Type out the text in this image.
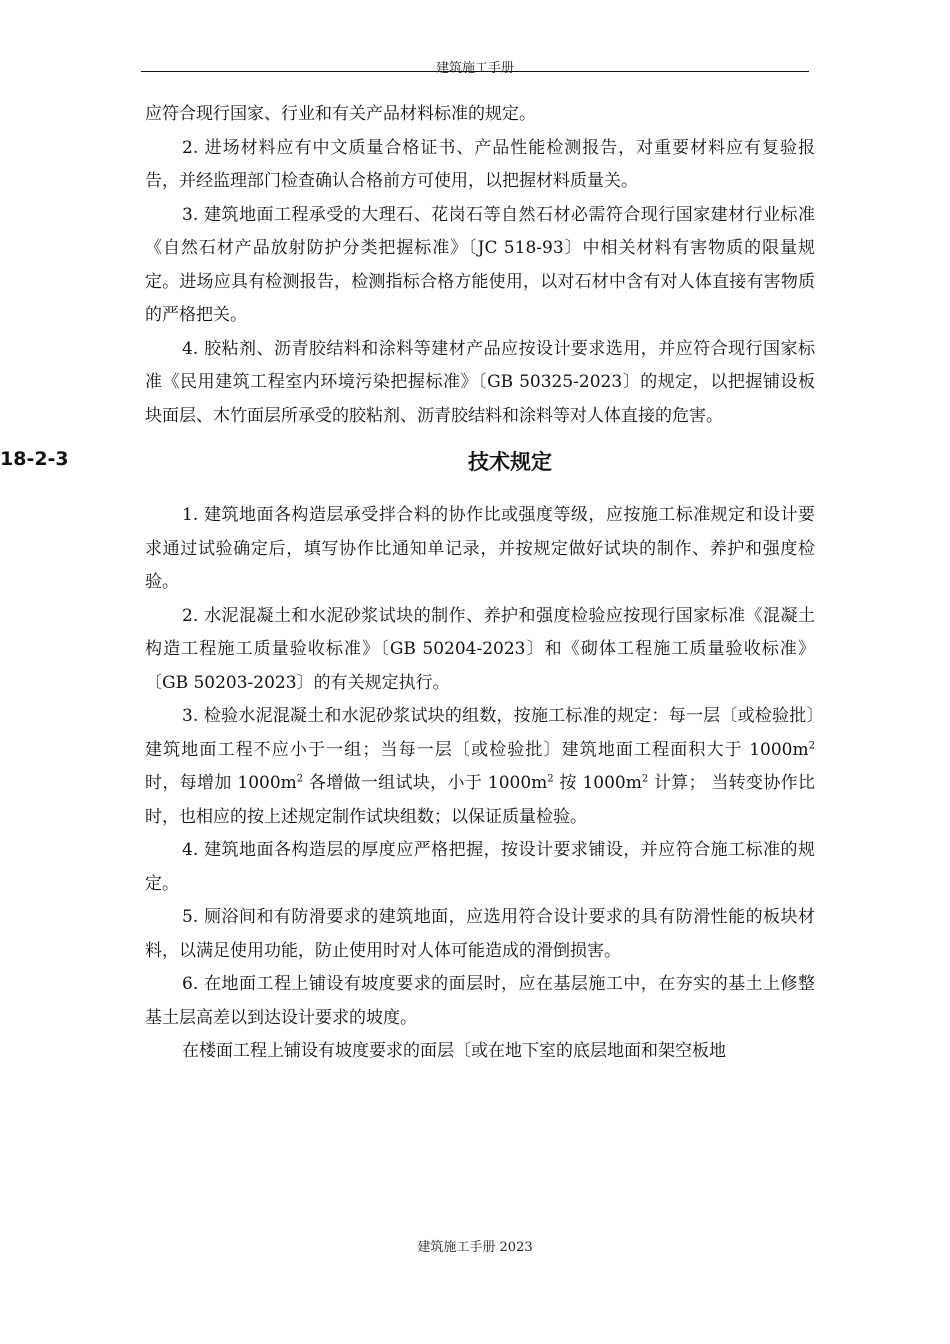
建筑施工手册

应符合现行国家、行业和有关产品材料标准的规定。

2. 进场材料应有中文质量合格证书、产品性能检测报告，对重要材料应有复验报告，并经监理部门检查确认合格前方可使用，以把握材料质量关。

3. 建筑地面工程承受的大理石、花岗石等自然石材必需符合现行国家建材行业标准《自然石材产品放射防护分类把握标准》〔JC 518-93〕中相关材料有害物质的限量规定。进场应具有检测报告，检测指标合格方能使用，以对石材中含有对人体直接有害物质的严格把关。

4. 胶粘剂、沥青胶结料和涂料等建材产品应按设计要求选用，并应符合现行国家标准《民用建筑工程室内环境污染把握标准》〔GB 50325-2023〕的规定，以把握铺设板块面层、木竹面层所承受的胶粘剂、沥青胶结料和涂料等对人体直接的危害。

18-2-3	技术规定

1. 建筑地面各构造层承受拌合料的协作比或强度等级，应按施工标准规定和设计要求通过试验确定后，填写协作比通知单记录，并按规定做好试块的制作、养护和强度检验。

2. 水泥混凝土和水泥砂浆试块的制作、养护和强度检验应按现行国家标准《混凝土构造工程施工质量验收标准》〔GB 50204-2023〕和《砌体工程施工质量验收标准》〔GB 50203-2023〕的有关规定执行。

3. 检验水泥混凝土和水泥砂浆试块的组数，按施工标准的规定：每一层〔或检验批〕建筑地面工程不应小于一组；当每一层〔或检验批〕建筑地面工程面积大于 $1000m^2$ 时，每增加 $1000m^2$ 各增做一组试块，小于 $1000m^2$ 按 $1000m^2$ 计算； 当转变协作比时，也相应的按上述规定制作试块组数；以保证质量检验。

4. 建筑地面各构造层的厚度应严格把握，按设计要求铺设，并应符合施工标准的规定。

5. 厕浴间和有防滑要求的建筑地面，应选用符合设计要求的具有防滑性能的板块材料，以满足使用功能，防止使用时对人体可能造成的滑倒损害。

6. 在地面工程上铺设有坡度要求的面层时，应在基层施工中，在夯实的基土上修整基土层高差以到达设计要求的坡度。

在楼面工程上铺设有坡度要求的面层〔或在地下室的底层地面和架空板地

建筑施工手册 2023
